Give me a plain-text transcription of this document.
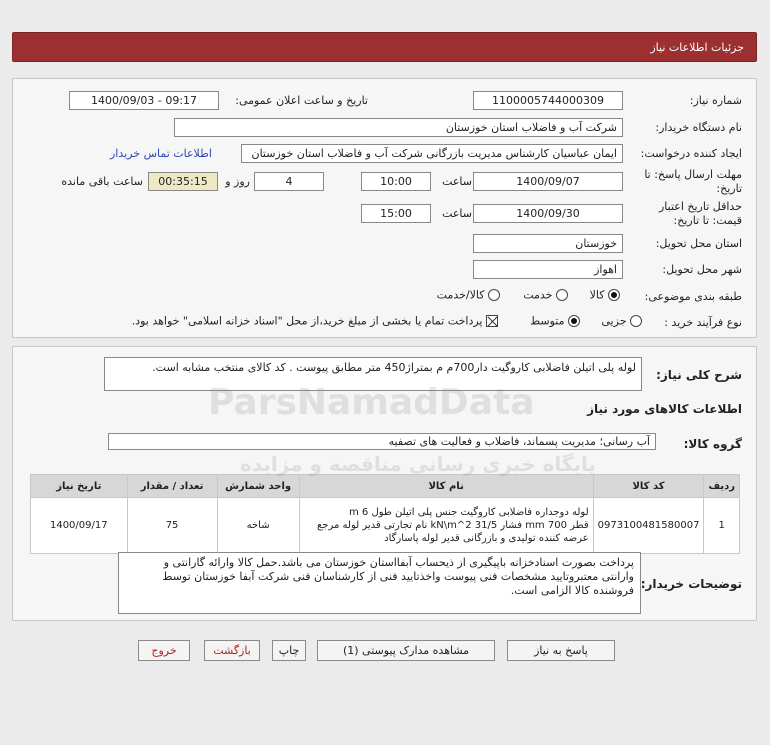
جزئیات اطلاعات نیاز
شماره نیاز:
1100005744000309
تاریخ و ساعت اعلان عمومی:
1400/09/03 - 09:17
نام دستگاه خریدار:
شرکت آب و فاضلاب استان خوزستان
ایجاد کننده درخواست:
ایمان عباسیان کارشناس مدیریت بازرگانی شرکت آب و فاضلاب استان خوزستان
اطلاعات تماس خریدار
مهلت ارسال پاسخ: تا
تاریخ:
1400/09/07
ساعت
10:00
4
روز و
00:35:15
ساعت باقی مانده
حداقل تاریخ اعتبار
قیمت: تا تاریخ:
1400/09/30
ساعت
15:00
استان محل تحویل:
خوزستان
شهر محل تحویل:
اهواز
طبقه بندی موضوعی:
کالا
خدمت
کالا/خدمت
نوع فرآیند خرید :
جزیی
متوسط
پرداخت تمام یا بخشی از مبلغ خرید،از محل "اسناد خزانه اسلامی" خواهد بود.
شرح کلی نیاز:
لوله پلی اتیلن فاضلابی کاروگیت دار700م م بمتراژ450 متر مطابق پیوست . کد کالای منتخب مشابه است.
اطلاعات کالاهای مورد نیاز
گروه کالا:
آب رسانی؛ مدیریت پسماند، فاضلاب و فعالیت های تصفیه
ردیف	کد کالا	نام کالا	واحد شمارش	تعداد / مقدار	تاریخ نیاز
1	0973100481580007	لوله دوجداره فاضلابی کاروگیت جنس پلی اتیلن طول 6 m
قطر 700 mm فشار 31/5 kN\m^2 نام تجارتی قدیر لوله مرجع
عرضه کننده تولیدی و بازرگانی قدیر لوله پاسارگاد	شاخه	75	1400/09/17
توضیحات خریدار:
پرداخت بصورت اسنادخزانه باپیگیری از ذیحساب آبفااستان خوزستان می باشد.حمل کالا وارائه گارانتی و
وارانتی معتبروتایید مشخصات فنی پیوست واخذتایید فنی از کارشناسان فنی شرکت آبفا خوزستان توسط
فروشنده کالا الزامی است.
پاسخ به نیاز
مشاهده مدارک پیوستی (1)
چاپ
بازگشت
خروج
ParsNamadData
پایگاه خبری رسانی مناقصه و مزایده
